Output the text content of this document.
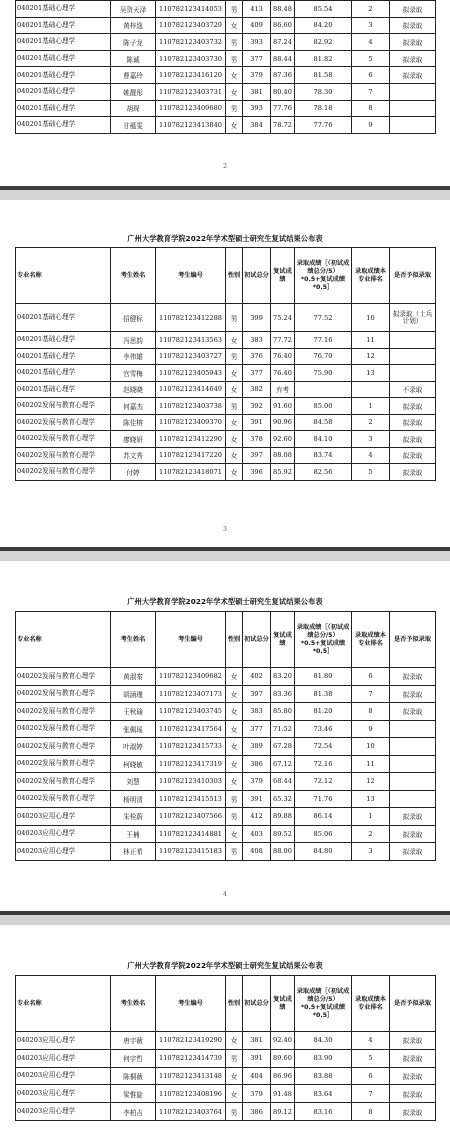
040201基础心理学	吴贺天泽	110782123414053	男	413	88.48	85.54	2	拟录取
040201基础心理学	黄梓逸	110782123403729	女	409	86.60	84.20	3	拟录取
040201基础心理学	陈子龙	110782123403732	男	393	87.24	82.92	4	拟录取
040201基础心理学	陈诚	110782123403730	男	377	88.44	81.82	5	拟录取
040201基础心理学	曹嘉玲	110782123416120	女	379	87.36	81.58	6	拟录取
040201基础心理学	姚靓彤	110782123403731	女	381	80.40	78.30	7	
040201基础心理学	胡琛	110782123409680	男	393	77.76	78.18	8	
040201基础心理学	甘蕴雯	110782123413840	女	384	78.72	77.76	9	
2
广州大学教育学院2022年学术型硕士研究生复试结果公布表
专业名称	考生姓名	考生编号	性别	初试总分	复试成绩	录取成绩［（初试成绩总分/5）*0.5+复试成绩*0.5］	录取成绩本专业排名	是否予拟录取
040201基础心理学	招健标	110782123412288	男	399	75.24	77.52	10	拟录取（士兵计划）
040201基础心理学	冯思韵	110782123413563	女	383	77.72	77.16	11	
040201基础心理学	李伟雄	110782123403727	男	376	76.40	76.70	12	
040201基础心理学	官雪梅	110782123405943	女	377	76.40	75.90	13	
040201基础心理学	赵晓晓	110782123414649	女	382	弃考			不录取
040202发展与教育心理学	何嘉杰	110782123403738	男	392	91.60	85.00	1	拟录取
040202发展与教育心理学	陈佳榕	110782123409370	女	391	90.96	84.58	2	拟录取
040202发展与教育心理学	廖晓妍	110782123412290	女	378	92.60	84.10	3	拟录取
040202发展与教育心理学	苏文秀	110782123417220	女	397	88.08	83.74	4	拟录取
040202发展与教育心理学	付婷	110782123418071	女	396	85.92	82.56	5	拟录取
3
广州大学教育学院2022年学术型硕士研究生复试结果公布表
专业名称	考生姓名	考生编号	性别	初试总分	复试成绩	录取成绩［（初试成绩总分/5）*0.5+复试成绩*0.5］	录取成绩本专业排名	是否予拟录取
040202发展与教育心理学	黄淑秦	110782123409682	女	402	83.20	81.80	6	拟录取
040202发展与教育心理学	胡涵瑾	110782123407173	女	397	83.36	81.38	7	拟录取
040202发展与教育心理学	王秋瑜	110782123403745	女	383	85.80	81.20	8	拟录取
040202发展与教育心理学	张佩瑶	110782123417564	女	377	71.52	73.46	9	
040202发展与教育心理学	叶淑婷	110782123415733	女	389	67.28	72.54	10	
040202发展与教育心理学	柯晓敏	110782123417319	女	386	67.12	72.16	11	
040202发展与教育心理学	刘慧	110782123410303	女	379	68.44	72.12	12	
040202发展与教育心理学	杨明清	110782123415513	男	391	65.32	71.76	13	
040203应用心理学	朱栓蔚	110782123407566	男	412	89.88	86.14	1	拟录取
040203应用心理学	王楠	110782123414881	女	403	89.52	85.06	2	拟录取
040203应用心理学	林正希	110782123415183	男	408	88.00	84.80	3	拟录取
4
广州大学教育学院2022年学术型硕士研究生复试结果公布表
专业名称	考生姓名	考生编号	性别	初试总分	复试成绩	录取成绩［（初试成绩总分/5）*0.5+复试成绩*0.5］	录取成绩本专业排名	是否予拟录取
040203应用心理学	唐宇薇	110782123419290	女	381	92.40	84.30	4	拟录取
040203应用心理学	何宇哲	110782123414739	男	391	89.60	83.90	5	拟录取
040203应用心理学	陈桐薇	110782123413148	女	404	86.96	83.88	6	拟录取
040203应用心理学	梁惟旋	110782123408196	女	379	91.48	83.64	7	拟录取
040203应用心理学	李柏吉	110782123403764	男	386	89.12	83.16	8	拟录取
